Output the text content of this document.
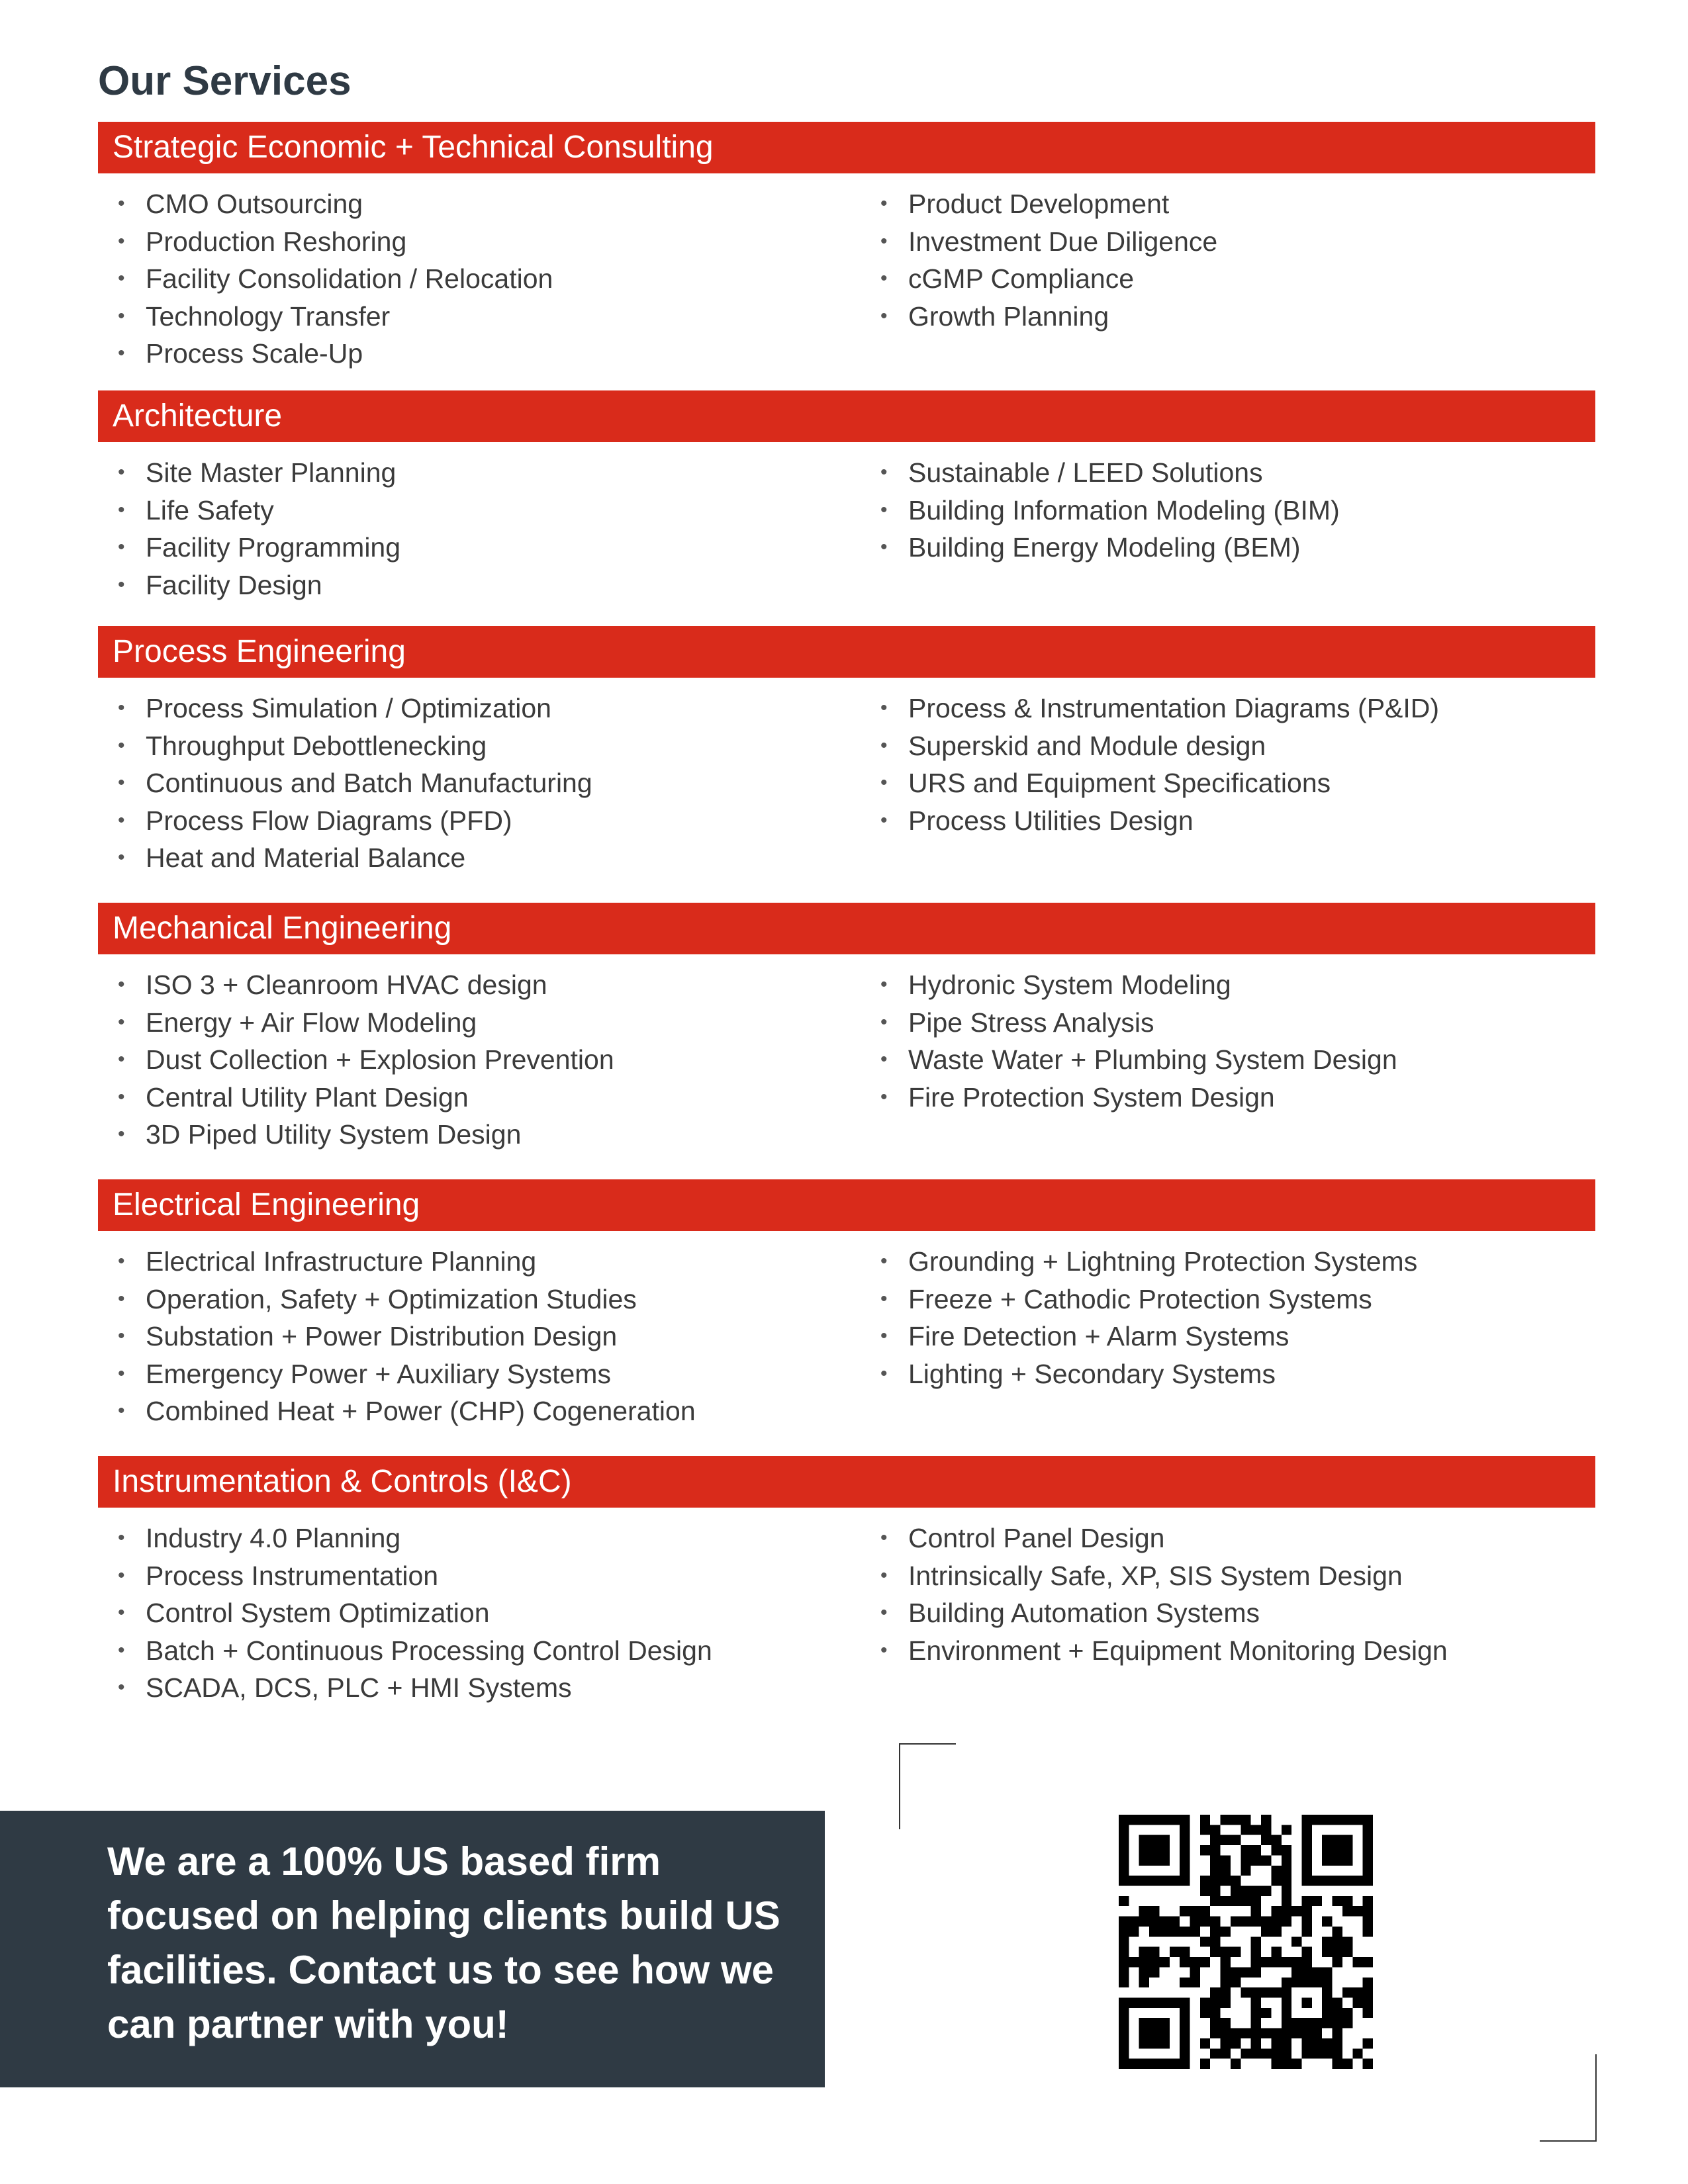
Our Services
Strategic Economic + Technical Consulting
• CMO Outsourcing
• Production Reshoring
• Facility Consolidation / Relocation
• Technology Transfer
• Process Scale-Up
• Product Development
• Investment Due Diligence
• cGMP Compliance
• Growth Planning
Architecture
• Site Master Planning
• Life Safety
• Facility Programming
• Facility Design
• Sustainable / LEED Solutions
• Building Information Modeling (BIM)
• Building Energy Modeling (BEM)
Process Engineering
• Process Simulation / Optimization
• Throughput Debottlenecking
• Continuous and Batch Manufacturing
• Process Flow Diagrams (PFD)
• Heat and Material Balance
• Process & Instrumentation Diagrams (P&ID)
• Superskid and Module design
• URS and Equipment Specifications
• Process Utilities Design
Mechanical Engineering
• ISO 3 + Cleanroom HVAC design
• Energy + Air Flow Modeling
• Dust Collection + Explosion Prevention
• Central Utility Plant Design
• 3D Piped Utility System Design
• Hydronic System Modeling
• Pipe Stress Analysis
• Waste Water + Plumbing System Design
• Fire Protection System Design
Electrical Engineering
• Electrical Infrastructure Planning
• Operation, Safety + Optimization Studies
• Substation + Power Distribution Design
• Emergency Power + Auxiliary Systems
• Combined Heat + Power (CHP) Cogeneration
• Grounding + Lightning Protection Systems
• Freeze + Cathodic Protection Systems
• Fire Detection + Alarm Systems
• Lighting + Secondary Systems
Instrumentation & Controls (I&C)
• Industry 4.0 Planning
• Process Instrumentation
• Control System Optimization
• Batch + Continuous Processing Control Design
• SCADA, DCS, PLC + HMI Systems
• Control Panel Design
• Intrinsically Safe, XP, SIS System Design
• Building Automation Systems
• Environment + Equipment Monitoring Design

We are a 100% US based firm focused on helping clients build US facilities. Contact us to see how we can partner with you!
